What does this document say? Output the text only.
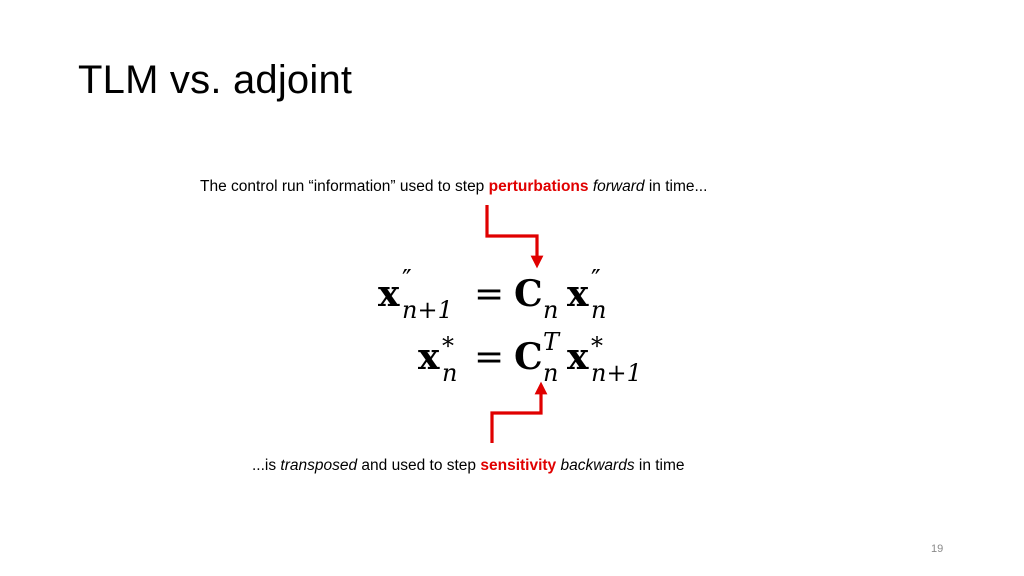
TLM vs. adjoint
The control run “information” used to step perturbations forward in time...
x ″
n+1 = C n x ″
n
x *
n = C T
n x *
n+1
...is transposed and used to step sensitivity backwards in time
19
